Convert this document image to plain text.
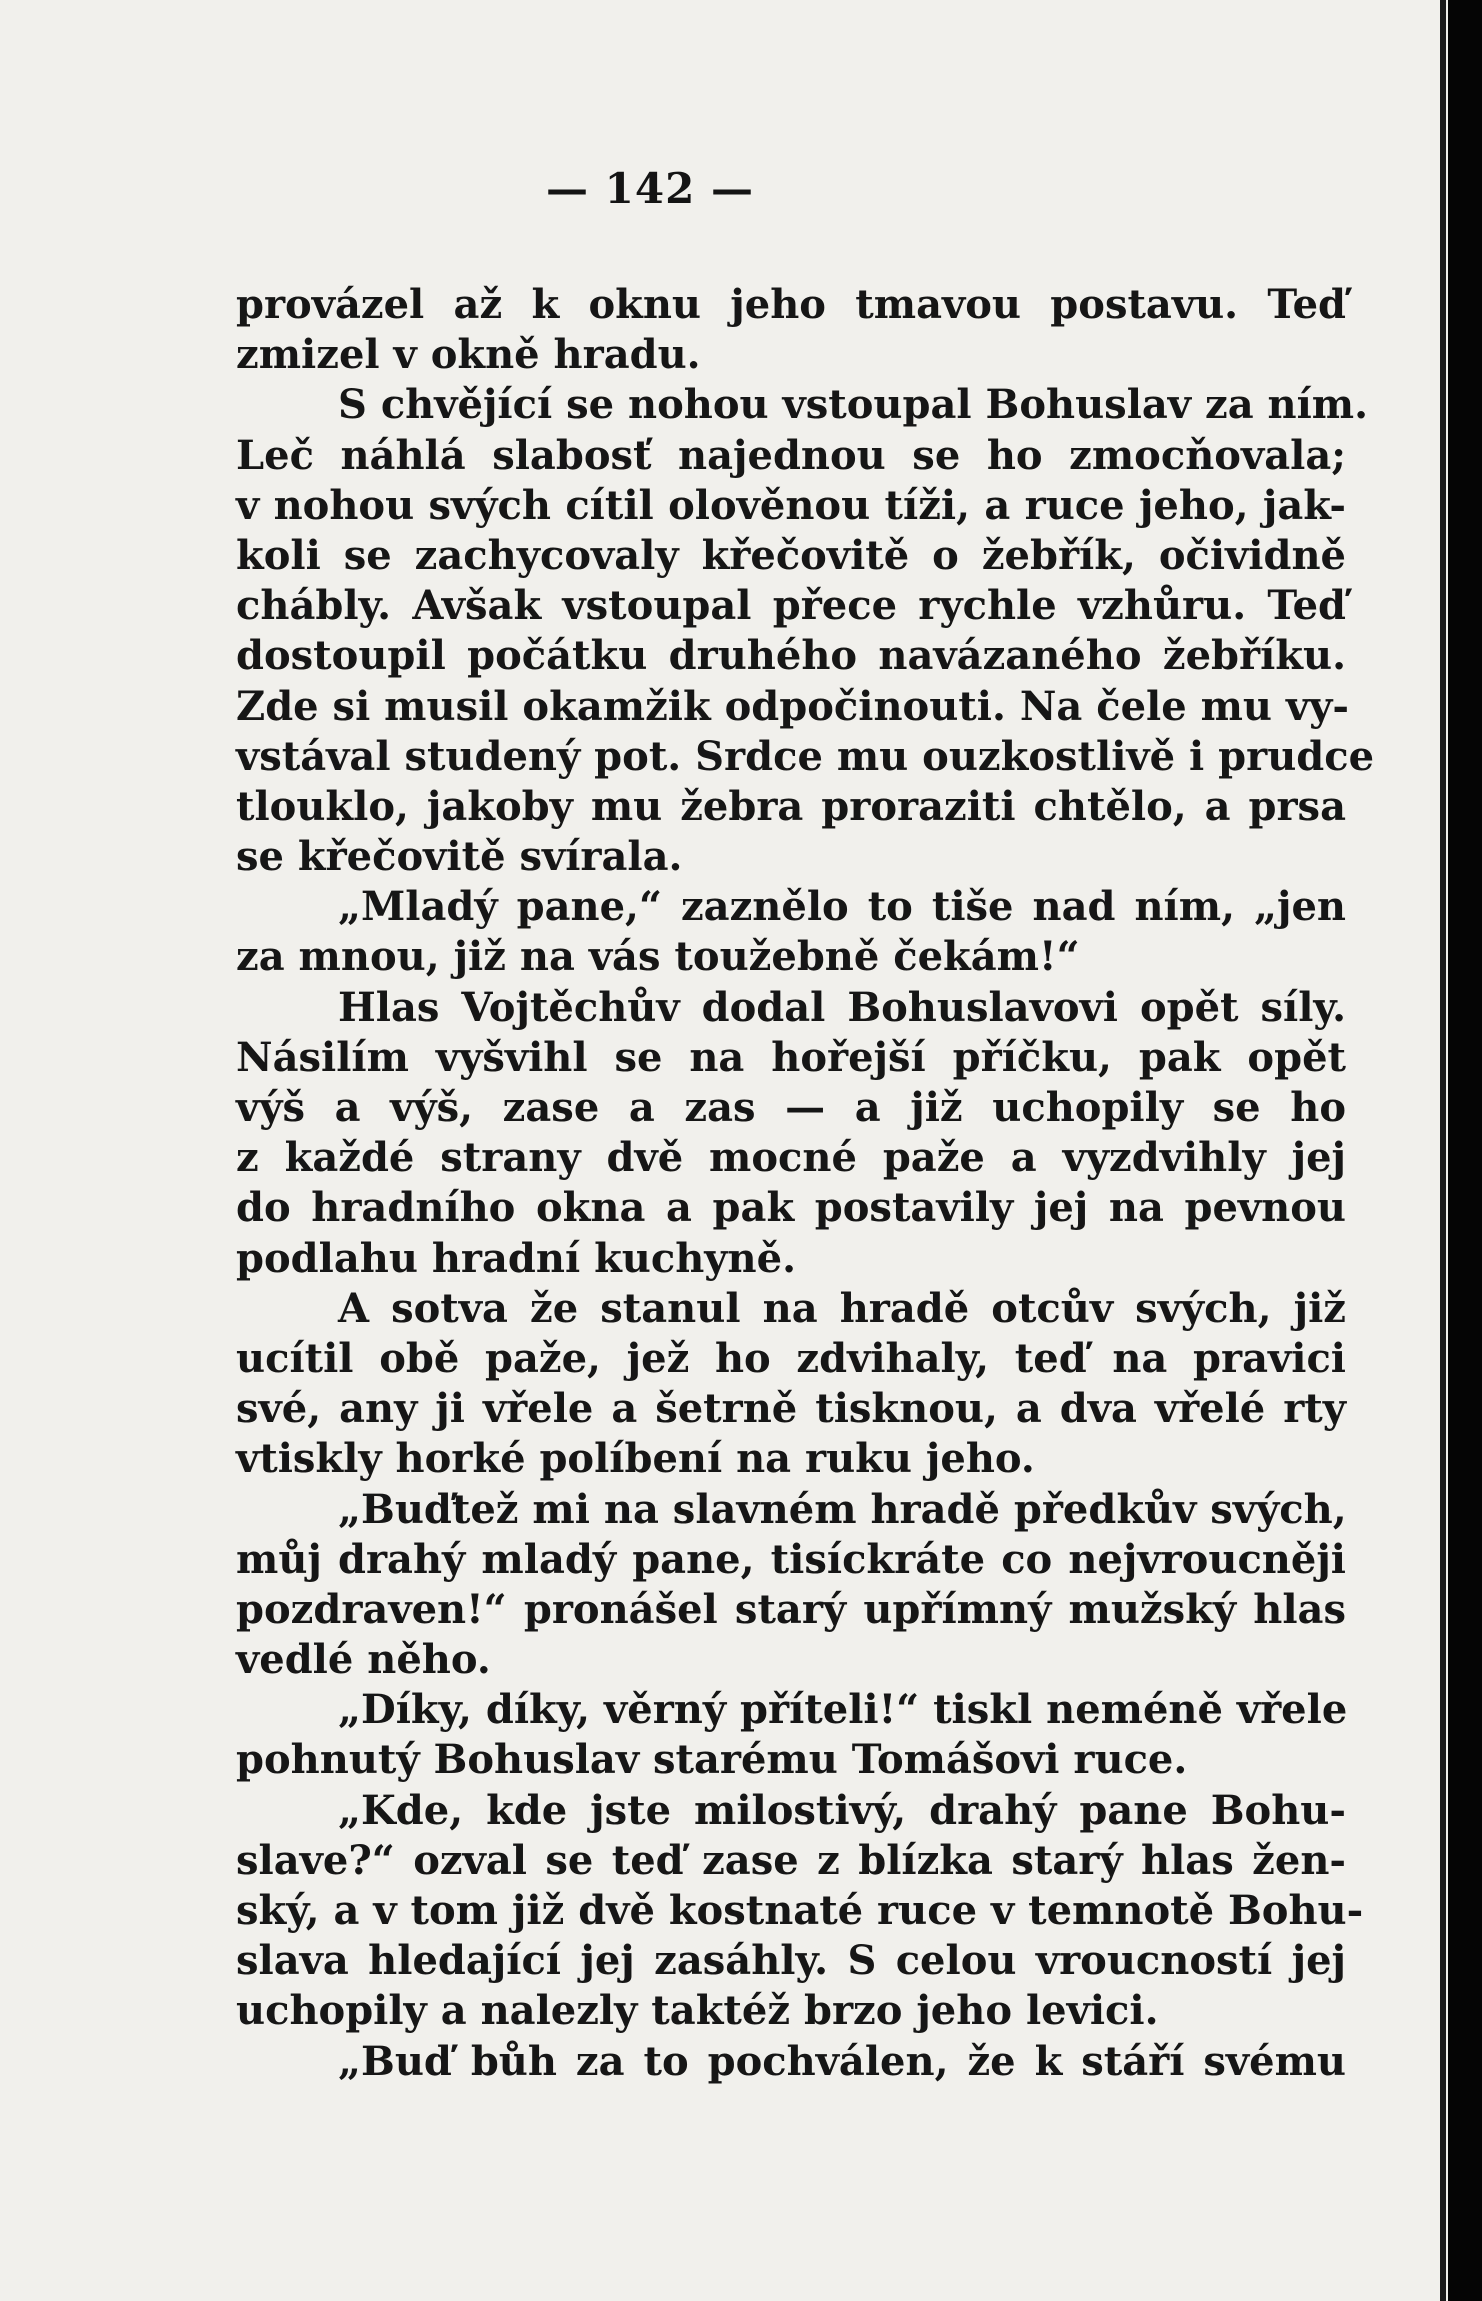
— 142 —
provázel až k oknu jeho tmavou postavu. Teď
zmizel v okně hradu.
S chvějící se nohou vstoupal Bohuslav za ním.
Leč náhlá slabosť najednou se ho zmocňovala;
v nohou svých cítil olověnou tíži, a ruce jeho, jak-
koli se zachycovaly křečovitě o žebřík, očividně
chábly. Avšak vstoupal přece rychle vzhůru. Teď
dostoupil počátku druhého navázaného žebříku.
Zde si musil okamžik odpočinouti. Na čele mu vy-
vstával studený pot. Srdce mu ouzkostlivě i prudce
tlouklo, jakoby mu žebra proraziti chtělo, a prsa
se křečovitě svírala.
„Mladý pane,“ zaznělo to tiše nad ním, „jen
za mnou, již na vás toužebně čekám!“
Hlas Vojtěchův dodal Bohuslavovi opět síly.
Násilím vyšvihl se na hořejší příčku, pak opět
výš a výš, zase a zas — a již uchopily se ho
z každé strany dvě mocné paže a vyzdvihly jej
do hradního okna a pak postavily jej na pevnou
podlahu hradní kuchyně.
A sotva že stanul na hradě otcův svých, již
ucítil obě paže, jež ho zdvihaly, teď na pravici
své, any ji vřele a šetrně tisknou, a dva vřelé rty
vtiskly horké políbení na ruku jeho.
„Buďtež mi na slavném hradě předkův svých,
můj drahý mladý pane, tisíckráte co nejvroucněji
pozdraven!“ pronášel starý upřímný mužský hlas
vedlé něho.
„Díky, díky, věrný příteli!“ tiskl neméně vřele
pohnutý Bohuslav starému Tomášovi ruce.
„Kde, kde jste milostivý, drahý pane Bohu-
slave?“ ozval se teď zase z blízka starý hlas žen-
ský, a v tom již dvě kostnaté ruce v temnotě Bohu-
slava hledající jej zasáhly. S celou vroucností jej
uchopily a nalezly taktéž brzo jeho levici.
„Buď bůh za to pochválen, že k stáří svému
